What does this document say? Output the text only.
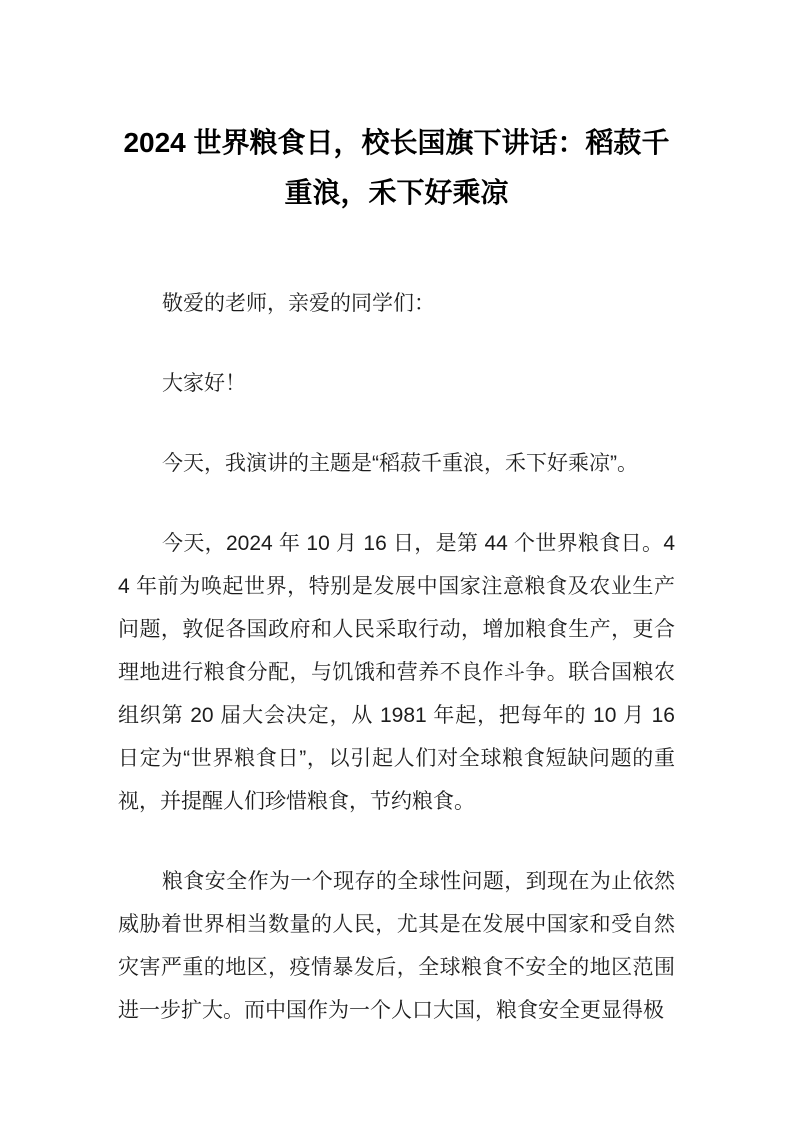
2024 世界粮食日，校长国旗下讲话：稻菽千重浪，禾下好乘凉

敬爱的老师，亲爱的同学们：

大家好！

今天，我演讲的主题是“稻菽千重浪，禾下好乘凉”。

今天，2024 年 10 月 16 日，是第 44 个世界粮食日。44 年前为唤起世界，特别是发展中国家注意粮食及农业生产问题，敦促各国政府和人民采取行动，增加粮食生产，更合理地进行粮食分配，与饥饿和营养不良作斗争。联合国粮农组织第 20 届大会决定，从 1981 年起，把每年的 10 月 16 日定为“世界粮食日”，以引起人们对全球粮食短缺问题的重视，并提醒人们珍惜粮食，节约粮食。

粮食安全作为一个现存的全球性问题，到现在为止依然威胁着世界相当数量的人民，尤其是在发展中国家和受自然灾害严重的地区，疫情暴发后，全球粮食不安全的地区范围进一步扩大。而中国作为一个人口大国，粮食安全更显得极
